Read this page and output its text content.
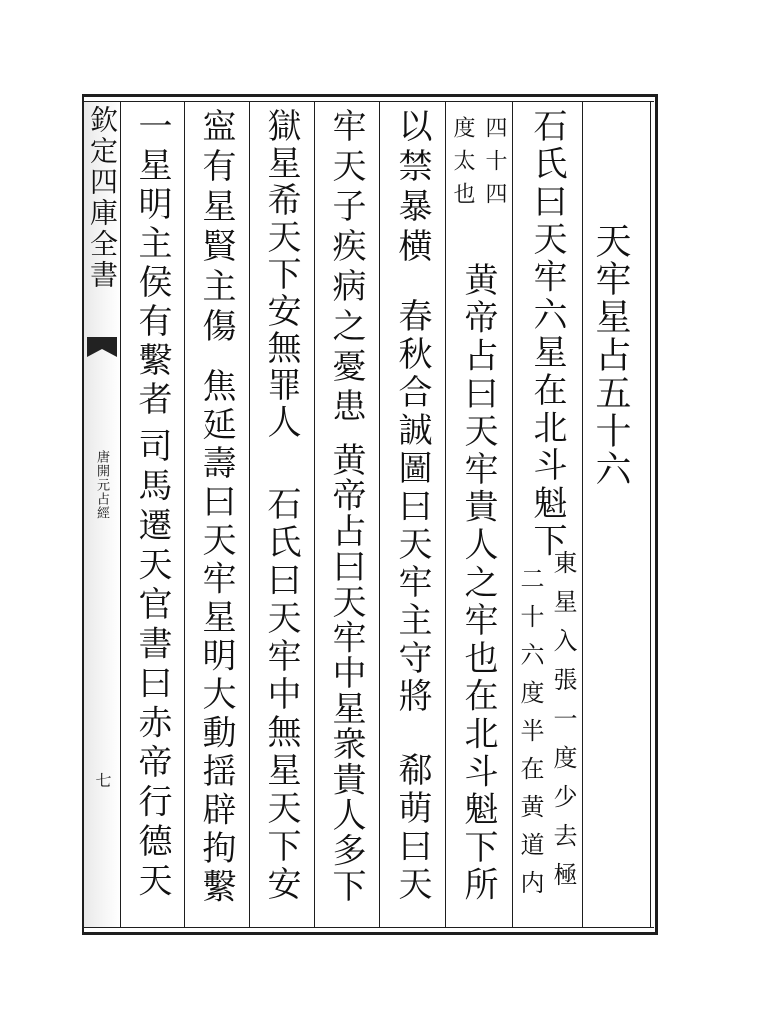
欽定四庫全書
唐開元占經
七
天牢星占五十六
石氏曰天牢六星在北斗魁下
東星入張一度少去極
二十六度半在黄道内
四十四
度太也
黄帝占曰天牢貴人之牢也在北斗魁下所
以禁暴横
春秋合誠圖曰天牢主守將
郗萌曰天
牢天子疾病之憂患
黄帝占曰天牢中星衆貴人多下
獄星希天下安無罪人
石氏曰天牢中無星天下安
寍有星賢主傷
焦延壽曰天牢星明大動揺辟拘繫
一星明主侯有繫者
司馬遷天官書曰赤帝行德天
